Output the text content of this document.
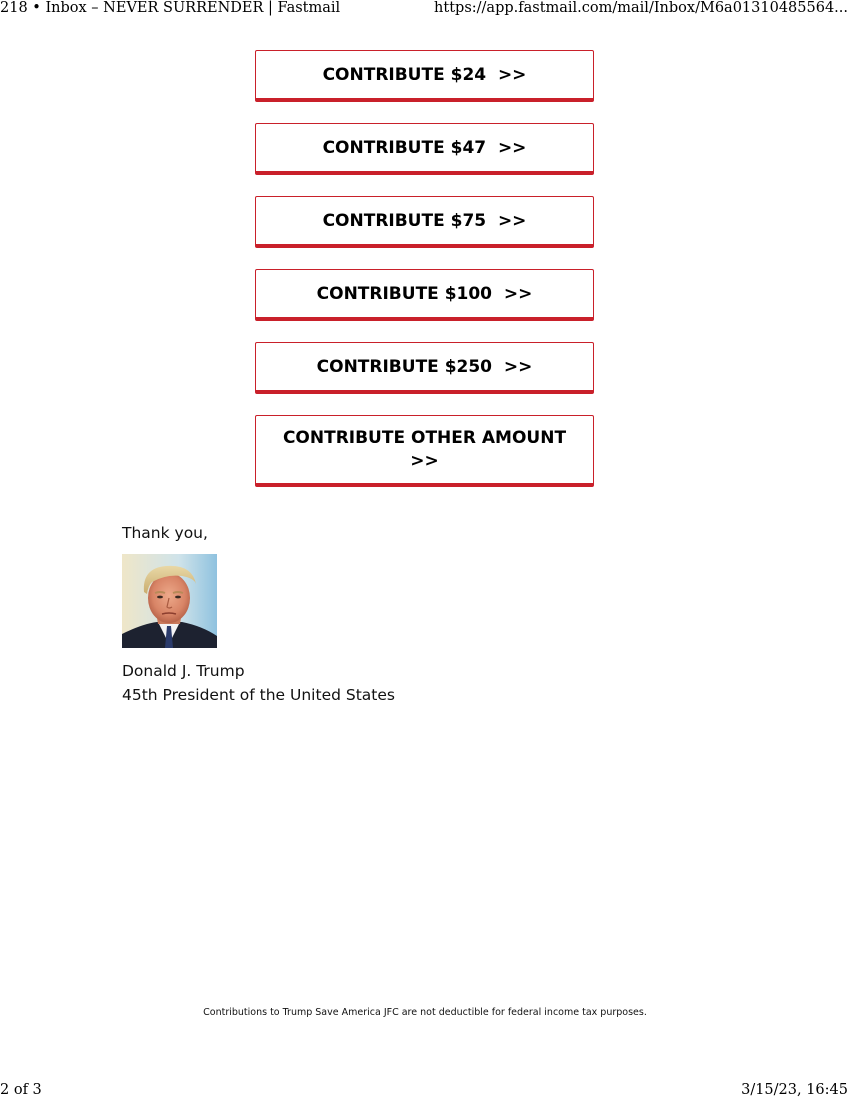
218 • Inbox – NEVER SURRENDER | Fastmail	https://app.fastmail.com/mail/Inbox/M6a01310485564...
CONTRIBUTE $24  >>
CONTRIBUTE $47  >>
CONTRIBUTE $75  >>
CONTRIBUTE $100  >>
CONTRIBUTE $250  >>
CONTRIBUTE OTHER AMOUNT >>
Thank you,
Donald J. Trump
45th President of the United States
Contributions to Trump Save America JFC are not deductible for federal income tax purposes.
2 of 3	3/15/23, 16:45
